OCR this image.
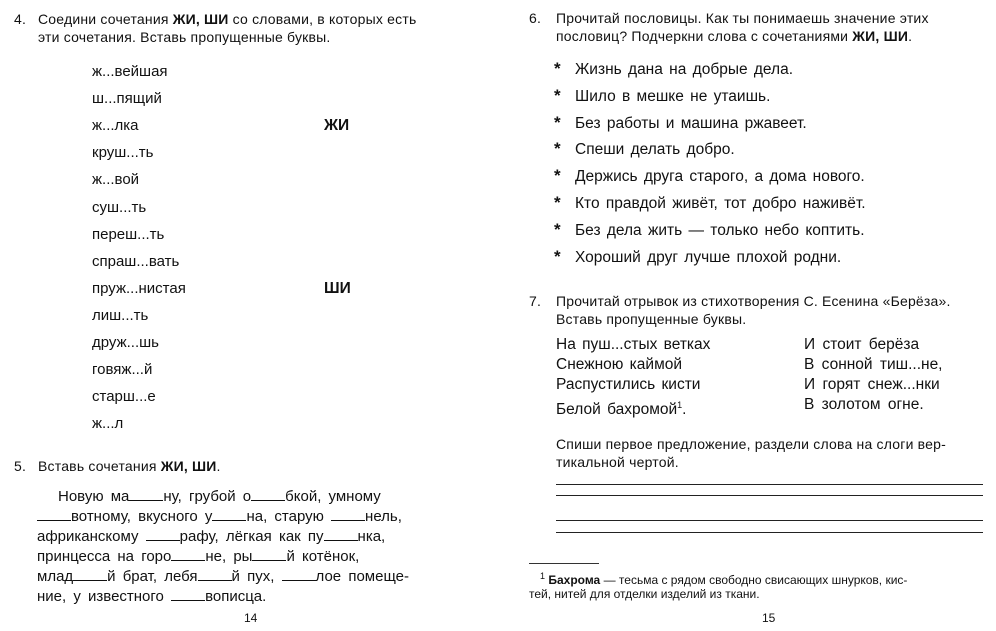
4. Соедини сочетания ЖИ, ШИ со словами, в которых есть
эти сочетания. Вставь пропущенные буквы.
ж...вейшая
ш...пящий
ж...лка
круш...ть
ж...вой
суш...ть
переш...ть
спраш...вать
пруж...нистая
лиш...ть
друж...шь
говяж...й
старш...е
ж...л
ЖИ
ШИ
5. Вставь сочетания ЖИ, ШИ.
Новую ма ну, грубой о бкой, умному
вотному, вкусного у на, старую нель,
африканскому рафу, лёгкая как пу нка,
принцесса на горо не, ры й котёнок,
млад й брат, лебя й пух, лое помеще-
ние, у известного вописца.
14
6. Прочитай пословицы. Как ты понимаешь значение этих
пословиц? Подчеркни слова с сочетаниями ЖИ, ШИ.
* Жизнь дана на добрые дела.
* Шило в мешке не утаишь.
* Без работы и машина ржавеет.
* Спеши делать добро.
* Держись друга старого, а дома нового.
* Кто правдой живёт, тот добро наживёт.
* Без дела жить — только небо коптить.
* Хороший друг лучше плохой родни.
7. Прочитай отрывок из стихотворения С. Есенина «Берёза».
Вставь пропущенные буквы.
На пуш...стых ветках
Снежною каймой
Распустились кисти
Белой бахромой$^1$.
И стоит берёза
В сонной тиш...не,
И горят снеж...нки
В золотом огне.
Спиши первое предложение, раздели слова на слоги вер-
тикальной чертой.
$^1$ Бахрома — тесьма с рядом свободно свисающих шнурков, кис-
тей, нитей для отделки изделий из ткани.
15
